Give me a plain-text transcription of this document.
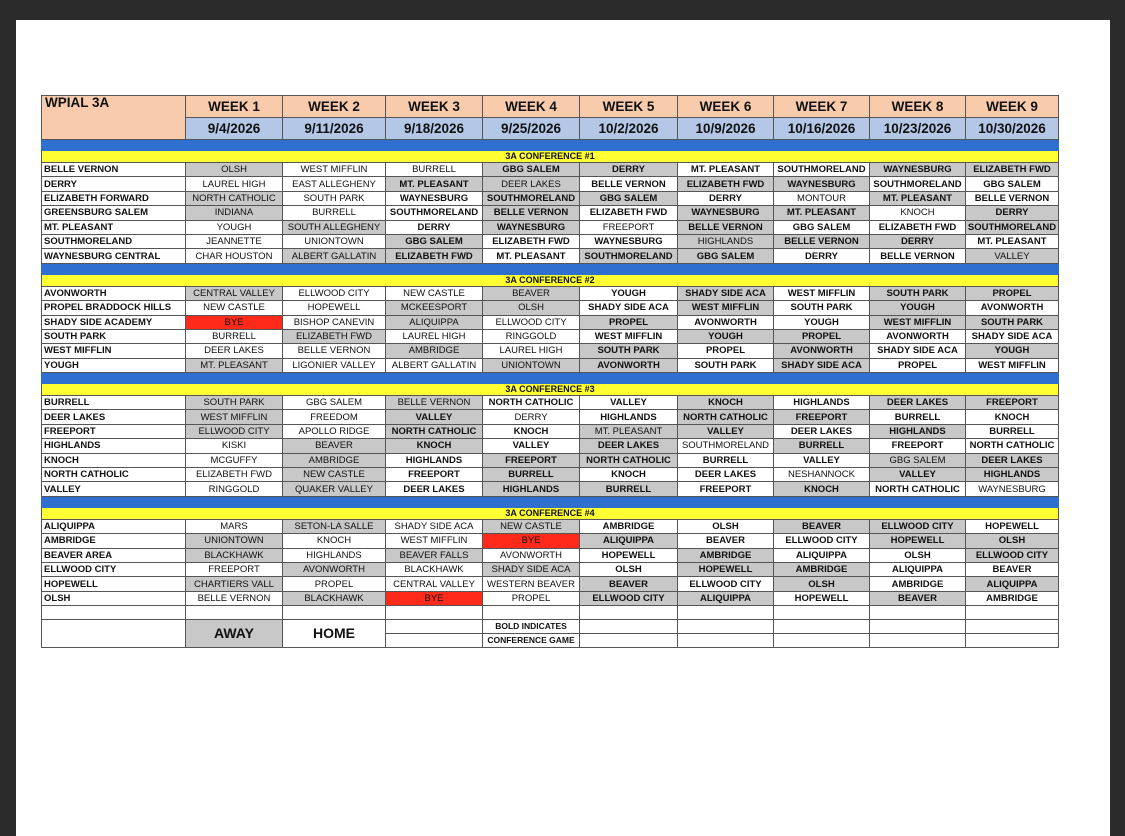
WPIAL 3A	WEEK 1	WEEK 2	WEEK 3	WEEK 4	WEEK 5	WEEK 6	WEEK 7	WEEK 8	WEEK 9
	9/4/2026	9/11/2026	9/18/2026	9/25/2026	10/2/2026	10/9/2026	10/16/2026	10/23/2026	10/30/2026

3A CONFERENCE #1									
BELLE VERNON	OLSH	WEST MIFFLIN	BURRELL	GBG SALEM	DERRY	MT. PLEASANT	SOUTHMORELAND	WAYNESBURG	ELIZABETH FWD
DERRY	LAUREL HIGH	EAST ALLEGHENY	MT. PLEASANT	DEER LAKES	BELLE VERNON	ELIZABETH FWD	WAYNESBURG	SOUTHMORELAND	GBG SALEM
ELIZABETH FORWARD	NORTH CATHOLIC	SOUTH PARK	WAYNESBURG	SOUTHMORELAND	GBG SALEM	DERRY	MONTOUR	MT. PLEASANT	BELLE VERNON
GREENSBURG SALEM	INDIANA	BURRELL	SOUTHMORELAND	BELLE VERNON	ELIZABETH FWD	WAYNESBURG	MT. PLEASANT	KNOCH	DERRY
MT. PLEASANT	YOUGH	SOUTH ALLEGHENY	DERRY	WAYNESBURG	FREEPORT	BELLE VERNON	GBG SALEM	ELIZABETH FWD	SOUTHMORELAND
SOUTHMORELAND	JEANNETTE	UNIONTOWN	GBG SALEM	ELIZABETH FWD	WAYNESBURG	HIGHLANDS	BELLE VERNON	DERRY	MT. PLEASANT
WAYNESBURG CENTRAL	CHAR HOUSTON	ALBERT GALLATIN	ELIZABETH FWD	MT. PLEASANT	SOUTHMORELAND	GBG SALEM	DERRY	BELLE VERNON	VALLEY

3A CONFERENCE #2									
AVONWORTH	CENTRAL VALLEY	ELLWOOD CITY	NEW CASTLE	BEAVER	YOUGH	SHADY SIDE ACA	WEST MIFFLIN	SOUTH PARK	PROPEL
PROPEL BRADDOCK HILLS	NEW CASTLE	HOPEWELL	MCKEESPORT	OLSH	SHADY SIDE ACA	WEST MIFFLIN	SOUTH PARK	YOUGH	AVONWORTH
SHADY SIDE ACADEMY	BYE	BISHOP CANEVIN	ALIQUIPPA	ELLWOOD CITY	PROPEL	AVONWORTH	YOUGH	WEST MIFFLIN	SOUTH PARK
SOUTH PARK	BURRELL	ELIZABETH FWD	LAUREL HIGH	RINGGOLD	WEST MIFFLIN	YOUGH	PROPEL	AVONWORTH	SHADY SIDE ACA
WEST MIFFLIN	DEER LAKES	BELLE VERNON	AMBRIDGE	LAUREL HIGH	SOUTH PARK	PROPEL	AVONWORTH	SHADY SIDE ACA	YOUGH
YOUGH	MT. PLEASANT	LIGONIER VALLEY	ALBERT GALLATIN	UNIONTOWN	AVONWORTH	SOUTH PARK	SHADY SIDE ACA	PROPEL	WEST MIFFLIN

3A CONFERENCE #3									
BURRELL	SOUTH PARK	GBG SALEM	BELLE VERNON	NORTH CATHOLIC	VALLEY	KNOCH	HIGHLANDS	DEER LAKES	FREEPORT
DEER LAKES	WEST MIFFLIN	FREEDOM	VALLEY	DERRY	HIGHLANDS	NORTH CATHOLIC	FREEPORT	BURRELL	KNOCH
FREEPORT	ELLWOOD CITY	APOLLO RIDGE	NORTH CATHOLIC	KNOCH	MT. PLEASANT	VALLEY	DEER LAKES	HIGHLANDS	BURRELL
HIGHLANDS	KISKI	BEAVER	KNOCH	VALLEY	DEER LAKES	SOUTHMORELAND	BURRELL	FREEPORT	NORTH CATHOLIC
KNOCH	MCGUFFY	AMBRIDGE	HIGHLANDS	FREEPORT	NORTH CATHOLIC	BURRELL	VALLEY	GBG SALEM	DEER LAKES
NORTH CATHOLIC	ELIZABETH FWD	NEW CASTLE	FREEPORT	BURRELL	KNOCH	DEER LAKES	NESHANNOCK	VALLEY	HIGHLANDS
VALLEY	RINGGOLD	QUAKER VALLEY	DEER LAKES	HIGHLANDS	BURRELL	FREEPORT	KNOCH	NORTH CATHOLIC	WAYNESBURG

3A CONFERENCE #4									
ALIQUIPPA	MARS	SETON-LA SALLE	SHADY SIDE ACA	NEW CASTLE	AMBRIDGE	OLSH	BEAVER	ELLWOOD CITY	HOPEWELL
AMBRIDGE	UNIONTOWN	KNOCH	WEST MIFFLIN	BYE	ALIQUIPPA	BEAVER	ELLWOOD CITY	HOPEWELL	OLSH
BEAVER AREA	BLACKHAWK	HIGHLANDS	BEAVER FALLS	AVONWORTH	HOPEWELL	AMBRIDGE	ALIQUIPPA	OLSH	ELLWOOD CITY
ELLWOOD CITY	FREEPORT	AVONWORTH	BLACKHAWK	SHADY SIDE ACA	OLSH	HOPEWELL	AMBRIDGE	ALIQUIPPA	BEAVER
HOPEWELL	CHARTIERS VALL	PROPEL	CENTRAL VALLEY	WESTERN BEAVER	BEAVER	ELLWOOD CITY	OLSH	AMBRIDGE	ALIQUIPPA
OLSH	BELLE VERNON	BLACKHAWK	BYE	PROPEL	ELLWOOD CITY	ALIQUIPPA	HOPEWELL	BEAVER	AMBRIDGE

	AWAY	HOME		BOLD INDICATES					
				CONFERENCE GAME					
